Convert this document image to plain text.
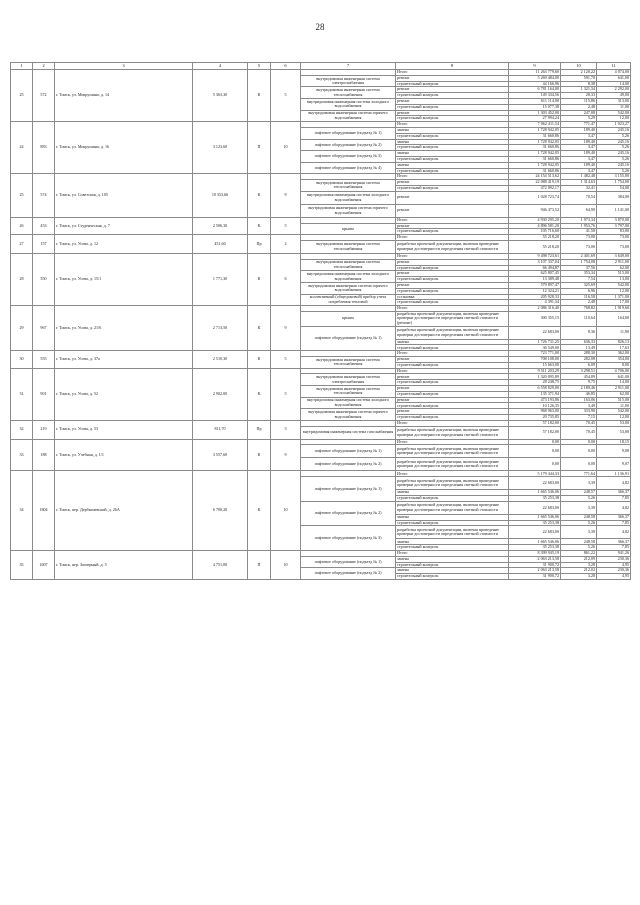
28
1	2	3	4	5	6	7	8	9	10	11
25	572	г. Томск, ул. Мокрушина, д. 14	5 363,30	К	5		Итого	11 263 779,60	2 120,22	4 074,00
						внутридомовая инженерная система электроснабжения	ремонт	5 269 484,00	591,70	641,00
							строительный контроль	44 166,96	8,38	14,00
						внутридомовая инженерная система теплоснабжения	ремонт	6 781 164,00	1 321,34	2 292,00
							строительный контроль	149 334,56	28,33	49,00
						внутридомовая инженерная система холодного водоснабжения	ремонт	611 114,00	115,86	313,00
							строительный контроль	15 077,38	2,48	11,00
						внутридомовая инженерная система горячего водоснабжения	ремонт	1 303 452,00	247,08	542,00
							строительный контроль	27 994,24	5,29	12,00
24	883	г. Томск, ул. Мокрушина, д. 16	3 123,60	П	10		Итого	7 062 411,54	771,47	1 023,27
						лифтовое оборудование (подъезд № 1)	замена	1 728 942,05	189,40	245,16
							строительный контроль	31 660,86	3,47	5,26
						лифтовое оборудование (подъезд № 2)	замена	1 728 942,05	189,40	245,16
							строительный контроль	31 660,86	3,47	5,26
						лифтовое оборудование (подъезд № 3)	замена	1 728 942,05	189,40	245,16
							строительный контроль	31 660,86	3,47	5,26
						лифтовое оборудование (подъезд № 4)	замена	1 728 942,05	189,40	245,16
							строительный контроль	31 660,86	3,47	5,26
25	574	г. Томск, ул. Советская, д. 105	10 353,66	К	9		Итого	24 154 513,62	1 482,48	3 155,00
						внутридомовая инженерная система теплоснабжения	ремонт	22 088 419,19	1 314,63	1 754,00
							строительный контроль	472 092,17	32,41	54,00
						внутридомовая инженерная система холодного водоснабжения	ремонт	1 028 723,74	70,54	384,00
						внутридомовая инженерная система горячего водоснабжения	ремонт	946 473,52	64,90	1 141,00
26	453	г. Томск, ул. Студенческая, д. 7	2 506,30	К	5		Итого	4 930 295,20	1 973,34	3 870,00
						крыша	ремонт	4 896 581,20	1 953,76	3 797,00
							строительный контроль	105 716,60	41,58	83,00
27	157	г. Томск, ул. Усова, д. 12	451,60	Пр	2		Итого	55 218,20	73,00	73,00
						внутридомовая инженерная система теплоснабжения	разработка проектной документации, включая проведение проверки достоверности определения сметной стоимости	55 218,20	73,00	73,00
28	550	г. Томск, ул. Усова, д. 15/1	1 771,30	К	6		Итого	9 498 723,61	2 401,69	3 649,00
						внутридомовая инженерная система теплоснабжения	ремонт	3 107 337,04	1 754,08	2 911,00
							строительный контроль	66 494,87	37,56	62,00
						внутридомовая инженерная система холодного водоснабжения	ремонт	625 807,45	353,34	515,00
							строительный контроль	13 389,48	7,54	13,00
						внутридомовая инженерная система горячего водоснабжения	ремонт	579 897,47	325,69	542,00
							строительный контроль	12 324,21	6,96	12,00
						коллективный (общедомовой) прибор учета потребления тепловой	установка	205 928,33	116,58	1 371,00
							строительный контроль	4 391,34	2,48	17,00
29	967	г. Томск, ул. Усова, д. 21/6	2 713,50	К	9		Итого	2 086 316,40	768,82	1 919,60
						крыша	разработка проектной документации, включая проведение проверки достоверности определения сметной стоимости (ремонт)	300 355,15	110,64	164,00
						лифтовое оборудование (подъезд № 1)	разработка проектной документации, включая проведение проверки достоверности определения сметной стоимости	22 683,00	8,36	11,90
							замена	1 726 731,25	636,33	826,13
							строительный контроль	36 549,00	13,49	17,63
30	555	г. Томск, ул. Усова, д. 37а	2 510,30	К	5		Итого	723 771,00	288,30	362,00
						внутридомовая инженерная система теплоснабжения	ремонт	708 108,00	282,08	354,00
							строительный контроль	15 663,00	6,09	8,00
31	901	г. Томск, ул. Усова, д. 52	2 902,00	К	5		Итого	9 511 203,29	3 298,51	4 706,00
						внутридомовая инженерная система электроснабжения	ремонт	1 320 095,89	454,89	641,00
							строительный контроль	28 248,75	9,75	14,00
						внутридомовая инженерная система теплоснабжения	ремонт	6 558 829,00	2 189,46	2 911,00
							строительный контроль	135 371,94	46,85	62,00
						внутридомовая инженерная система холодного водоснабжения	ремонт	473 193,86	163,06	515,00
							строительный контроль	10 126,35	3,49	11,00
						внутридомовая инженерная система горячего водоснабжения	ремонт	968 963,00	333,90	542,00
							строительный контроль	20 735,85	7,15	12,00
32	219	г. Томск, ул. Усова, д. 53	811,70	Пр	3		Итого	57 182,00	70,45	53,00
						внутридомовая инженерная система газоснабжения	разработка проектной документации, включая проведение проверки достоверности определения сметной стоимости	57 182,00	70,45	53,00
33	188	г. Томск, ул. Учебная, д. 1/1	3 557,60	К	9		Итого	0,00	0,00	18,15
						лифтовое оборудование (подъезд № 1)	разработка проектной документации, включая проведение проверки достоверности определения сметной стоимости	0,00	0,00	9,08
						лифтовое оборудование (подъезд № 2)	разработка проектной документации, включая проведение проверки достоверности определения сметной стоимости	0,00	0,00	9,07
34	1804	г. Томск, пер. Дербышевский, д. 26А	6 700,20	К	10		Итого	5 179 444,33	771,64	1 136,91
						лифтовое оборудование (подъезд № 1)	разработка проектной документации, включая проведение проверки достоверности определения сметной стоимости	22 683,00	3,39	4,82
							замена	1 665 546,06	248,57	366,37
							строительный контроль	35 253,38	5,26	7,85
						лифтовое оборудование (подъезд № 2)	разработка проектной документации, включая проведение проверки достоверности определения сметной стоимости	22 683,00	3,39	4,82
							замена	1 665 546,06	248,58	366,37
							строительный контроль	35 253,38	5,26	7,85
						лифтовое оборудование (подъезд № 3)	разработка проектной документации, включая проведение проверки достоверности определения сметной стоимости	22 683,00	3,39	4,82
							замена	1 665 546,06	248,58	366,37
							строительный контроль	35 253,38	5,26	7,85
35	1607	г. Томск, пер. Заозерный, д. 5	4 751,00	П	10		Итого	8 399 945,19	861,22	941,26
						лифтовое оборудование (подъезд № 1)	замена	2 063 213,58	212,09	230,36
							строительный контроль	31 900,72	3,28	4,95
						лифтовое оборудование (подъезд № 2)	замена	2 063 213,58	212,02	230,36
							строительный контроль	31 900,72	3,28	4,95
